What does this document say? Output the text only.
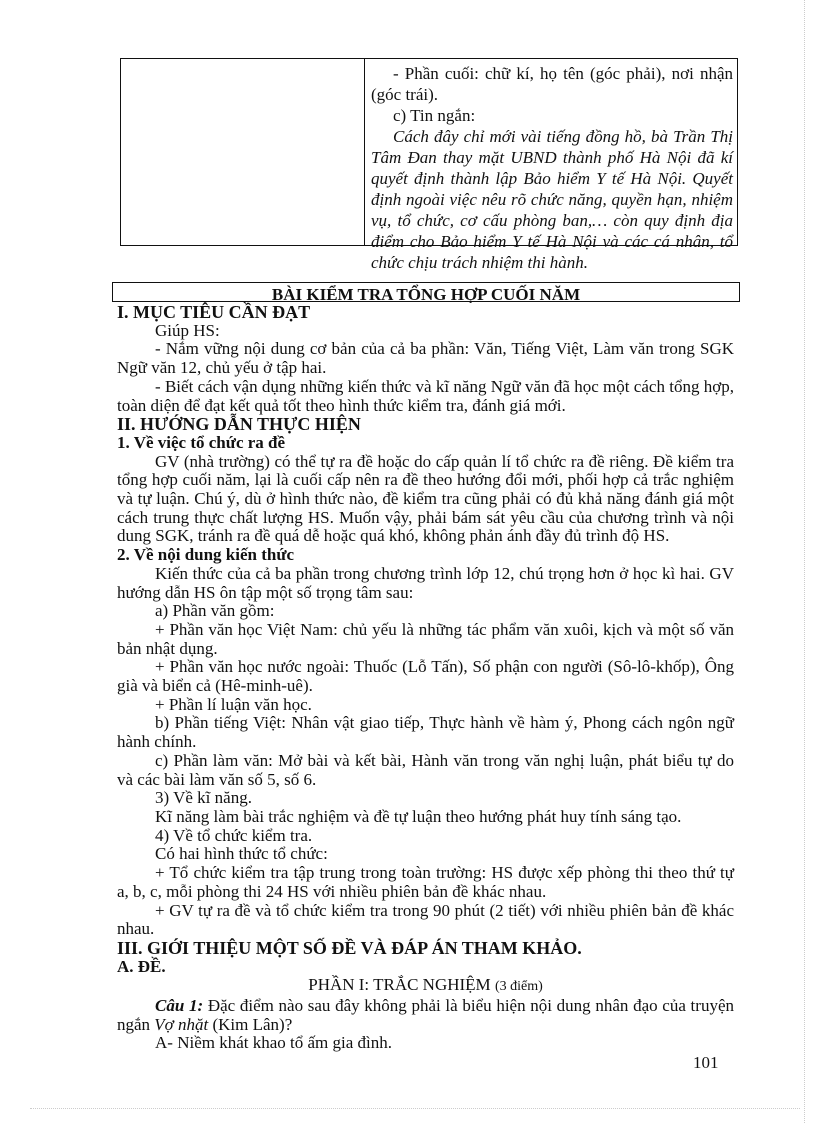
- Phần cuối: chữ kí, họ tên (góc phải), nơi nhận (góc trái).

c) Tin ngắn:

Cách đây chỉ mới vài tiếng đồng hồ, bà Trần Thị Tâm Đan thay mặt UBND thành phố Hà Nội đã kí quyết định thành lập Bảo hiểm Y tế Hà Nội. Quyết định ngoài việc nêu rõ chức năng, quyền hạn, nhiệm vụ, tổ chức, cơ cấu phòng ban,… còn quy định địa điểm cho Bảo hiểm Y tế Hà Nội và các cá nhân, tổ chức chịu trách nhiệm thi hành.

BÀI KIỂM TRA TỔNG HỢP CUỐI NĂM

I. MỤC TIÊU CẦN ĐẠT

Giúp HS:

- Nắm vững nội dung cơ bản của cả ba phần: Văn, Tiếng Việt, Làm văn trong SGK Ngữ văn 12, chủ yếu ở tập hai.

- Biết cách vận dụng những kiến thức và kĩ năng Ngữ văn đã học một cách tổng hợp, toàn diện để đạt kết quả tốt theo hình thức kiểm tra, đánh giá mới.

II. HƯỚNG DẪN THỰC HIỆN

1. Về việc tổ chức ra đề

GV (nhà trường) có thể tự ra đề hoặc do cấp quản lí tổ chức ra đề riêng. Đề kiểm tra tổng hợp cuối năm, lại là cuối cấp nên ra đề theo hướng đổi mới, phối hợp cả trắc nghiệm và tự luận. Chú ý, dù ở hình thức nào, đề kiểm tra cũng phải có đủ khả năng đánh giá một cách trung thực chất lượng HS. Muốn vậy, phải bám sát yêu cầu của chương trình và nội dung SGK, tránh ra đề quá dễ hoặc quá khó, không phản ánh đầy đủ trình độ HS.

2. Về nội dung kiến thức

Kiến thức của cả ba phần trong chương trình lớp 12, chú trọng hơn ở học kì hai. GV hướng dẫn HS ôn tập một số trọng tâm sau:

a) Phần văn gồm:

+ Phần văn học Việt Nam: chủ yếu là những tác phẩm văn xuôi, kịch và một số văn bản nhật dụng.

+ Phần văn học nước ngoài: Thuốc (Lỗ Tấn), Số phận con người (Sô-lô-khốp), Ông già và biển cả (Hê-minh-uê).

+ Phần lí luận văn học.

b) Phần tiếng Việt: Nhân vật giao tiếp, Thực hành về hàm ý, Phong cách ngôn ngữ hành chính.

c) Phần làm văn: Mở bài và kết bài, Hành văn trong văn nghị luận, phát biểu tự do và các bài làm văn số 5, số 6.

3) Về kĩ năng.

Kĩ năng làm bài trắc nghiệm và đề tự luận theo hướng phát huy tính sáng tạo.

4) Về tổ chức kiểm tra.

Có hai hình thức tổ chức:

+ Tổ chức kiểm tra tập trung trong toàn trường: HS được xếp phòng thi theo thứ tự a, b, c, mỗi phòng thi 24 HS với nhiều phiên bản đề khác nhau.

+ GV tự ra đề và tổ chức kiểm tra trong 90 phút (2 tiết) với nhiều phiên bản đề khác nhau.

III. GIỚI THIỆU MỘT SỐ ĐỀ VÀ ĐÁP ÁN THAM KHẢO.

A. ĐỀ.

PHẦN I: TRẮC NGHIỆM (3 điểm)

Câu 1: Đặc điểm nào sau đây không phải là biểu hiện nội dung nhân đạo của truyện ngắn Vợ nhặt (Kim Lân)?

A- Niềm khát khao tổ ấm gia đình.

101
